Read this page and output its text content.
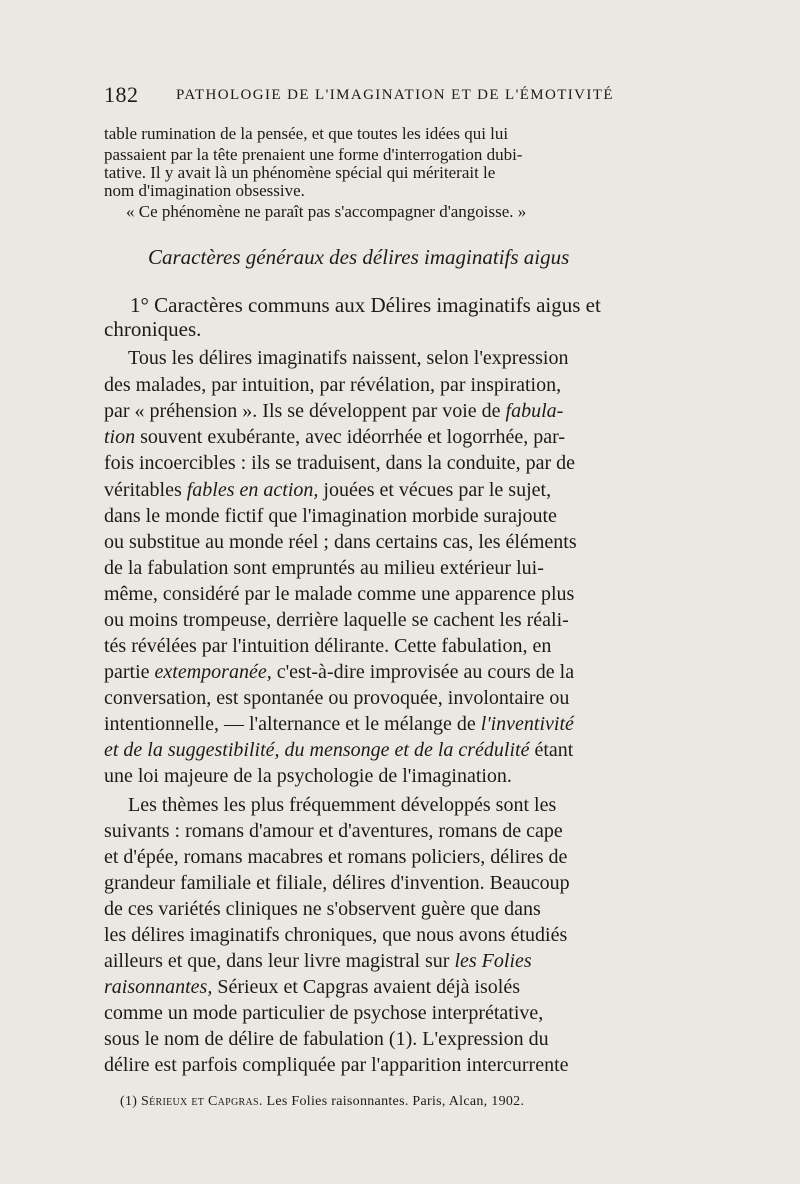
182	PATHOLOGIE DE L'IMAGINATION ET DE L'ÉMOTIVITÉ
table rumination de la pensée, et que toutes les idées qui lui
passaient par la tête prenaient une forme d'interrogation dubi-
tative. Il y avait là un phénomène spécial qui mériterait le
nom d'imagination obsessive.
« Ce phénomène ne paraît pas s'accompagner d'angoisse. »
Caractères généraux des délires imaginatifs aigus
1° Caractères communs aux Délires imaginatifs aigus et
chroniques.
Tous les délires imaginatifs naissent, selon l'expression
des malades, par intuition, par révélation, par inspiration,
par « préhension ». Ils se développent par voie de fabula-
tion souvent exubérante, avec idéorrhée et logorrhée, par-
fois incoercibles : ils se traduisent, dans la conduite, par de
véritables fables en action, jouées et vécues par le sujet,
dans le monde fictif que l'imagination morbide surajoute
ou substitue au monde réel ; dans certains cas, les éléments
de la fabulation sont empruntés au milieu extérieur lui-
même, considéré par le malade comme une apparence plus
ou moins trompeuse, derrière laquelle se cachent les réali-
tés révélées par l'intuition délirante. Cette fabulation, en
partie extemporanée, c'est-à-dire improvisée au cours de la
conversation, est spontanée ou provoquée, involontaire ou
intentionnelle, — l'alternance et le mélange de l'inventivité
et de la suggestibilité, du mensonge et de la crédulité étant
une loi majeure de la psychologie de l'imagination.
Les thèmes les plus fréquemment développés sont les
suivants : romans d'amour et d'aventures, romans de cape
et d'épée, romans macabres et romans policiers, délires de
grandeur familiale et filiale, délires d'invention. Beaucoup
de ces variétés cliniques ne s'observent guère que dans
les délires imaginatifs chroniques, que nous avons étudiés
ailleurs et que, dans leur livre magistral sur les Folies
raisonnantes, Sérieux et Capgras avaient déjà isolés
comme un mode particulier de psychose interprétative,
sous le nom de délire de fabulation (1). L'expression du
délire est parfois compliquée par l'apparition intercurrente
(1) Sérieux et Capgras. Les Folies raisonnantes. Paris, Alcan, 1902.
